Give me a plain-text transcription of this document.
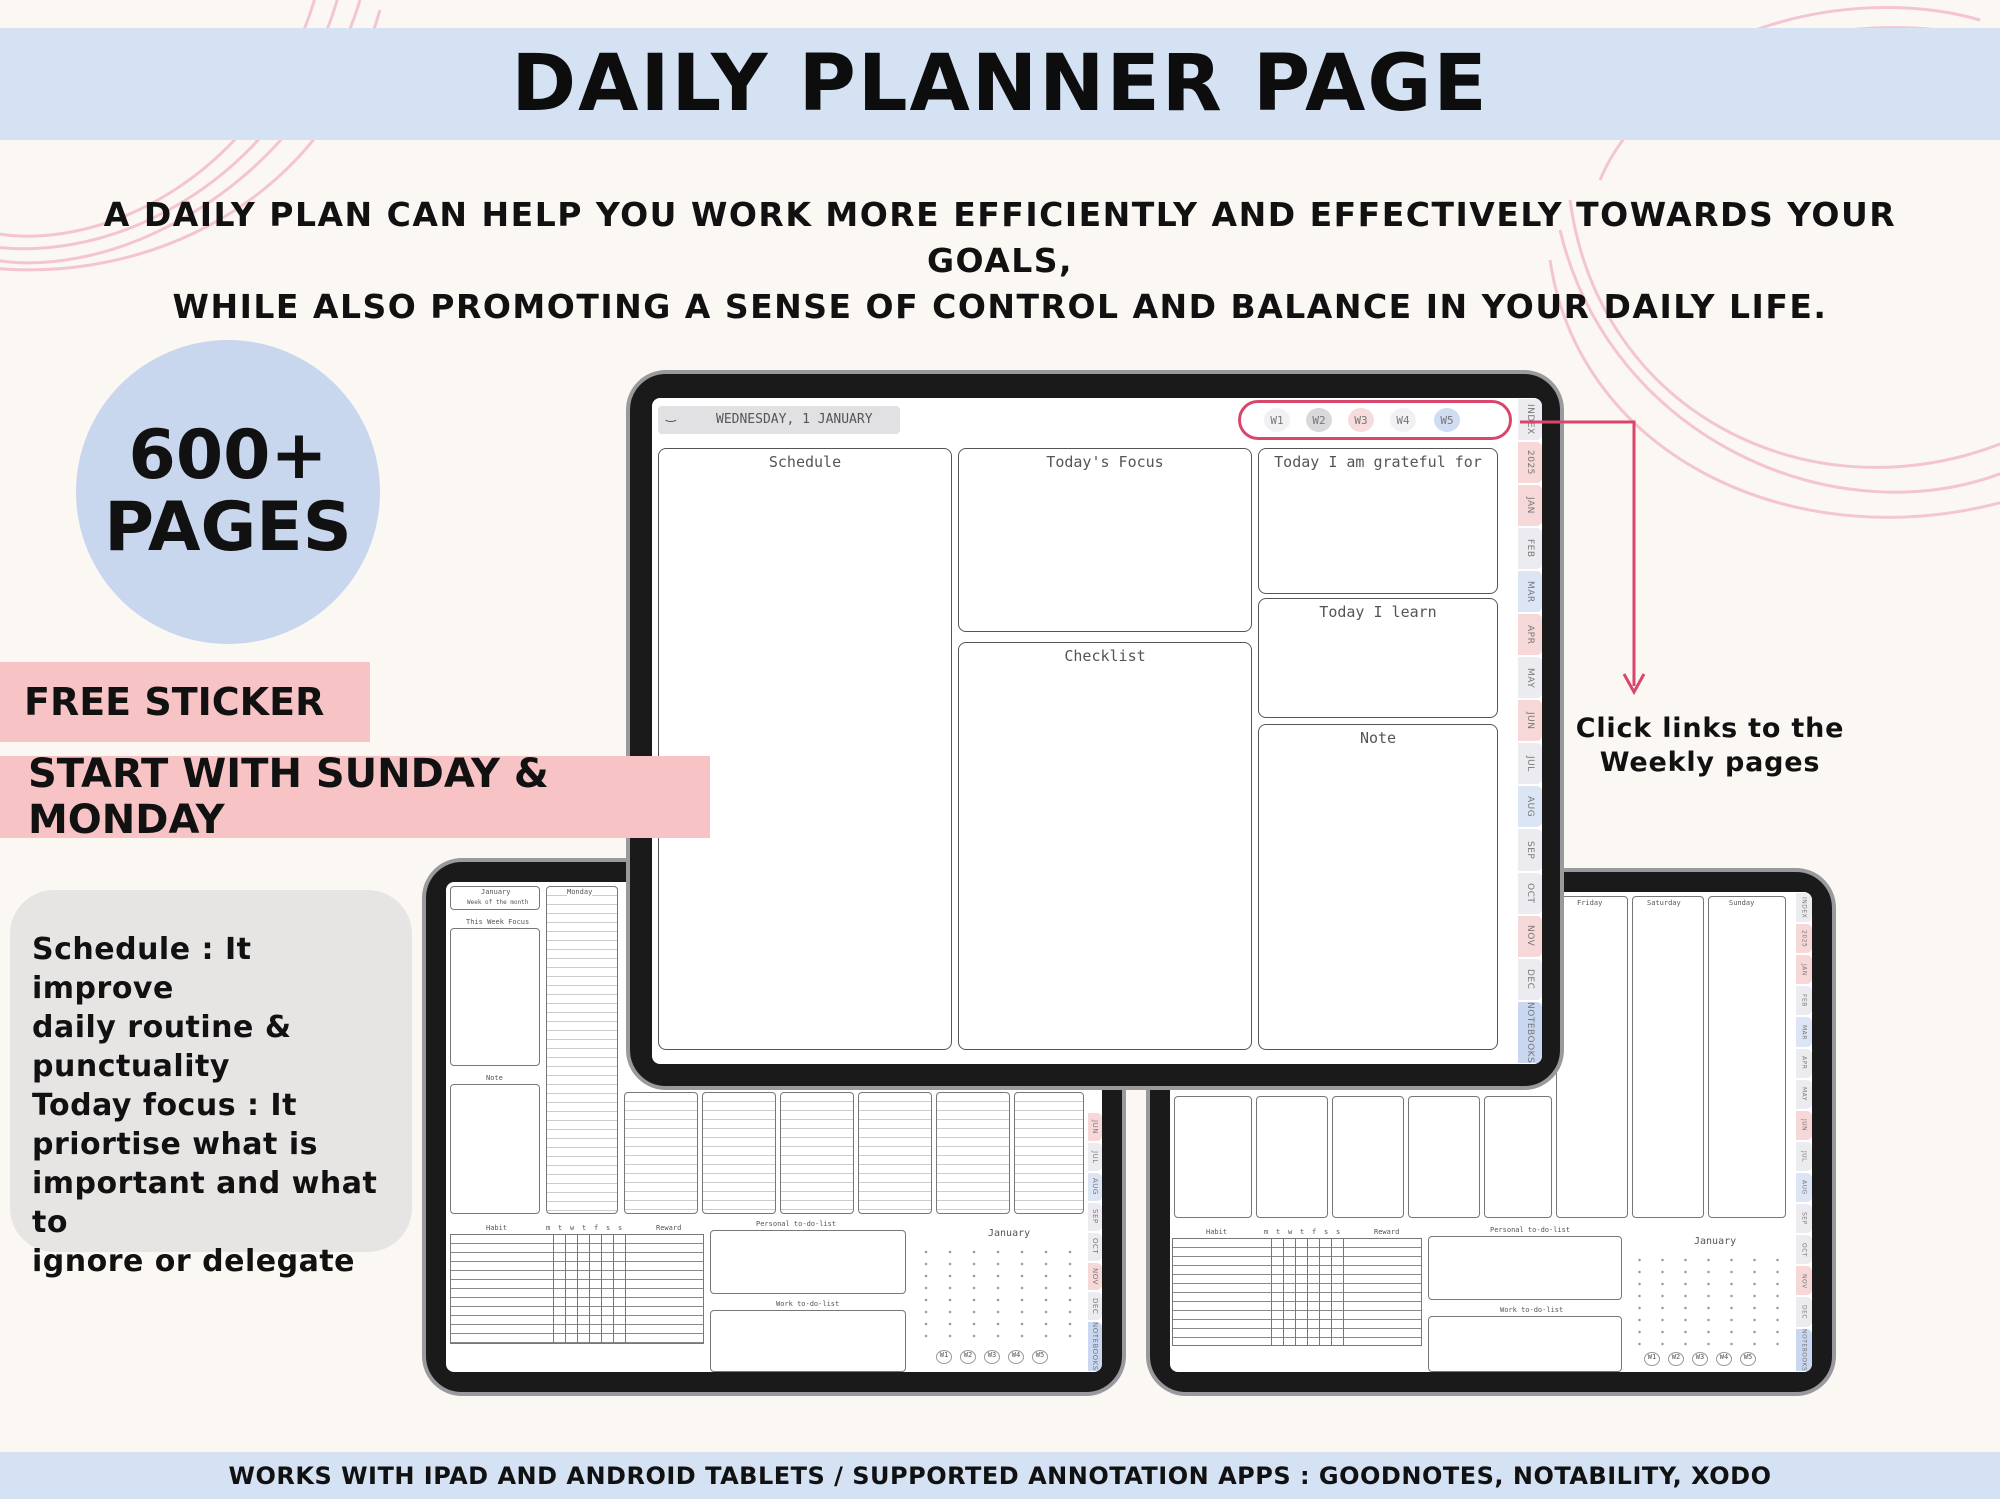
DAILY PLANNER PAGE
A DAILY PLAN CAN HELP YOU WORK MORE EFFICIENTLY AND EFFECTIVELY TOWARDS YOUR GOALS,
WHILE ALSO PROMOTING A SENSE OF CONTROL AND BALANCE IN YOUR DAILY LIFE.
600+
PAGES
FREE STICKER
START WITH SUNDAY & MONDAY
Schedule : It improve
daily routine &
punctuality
Today focus : It
priortise what is
important and what to
ignore or delegate
January
Week of the month
This Week Focus
Note
Monday
Habit	m t w t f s s	Reward	Personal to-do-list
Work to-do-list
January
W1	W2	W3	W4	W5
JUN
JUL
AUG
SEP
OCT
NOV
DEC
NOTEBOOKS
Friday	Saturday	Sunday
Habit	m t w t f s s	Reward	Personal to-do-list
Work to-do-list
January
W1	W2	W3	W4	W5
INDEX
2025
JAN
FEB
MAR
APR
MAY
JUN
JUL
AUG
SEP
OCT
NOV
DEC
NOTEBOOKS
WEDNESDAY, 1 JANUARY
‿	W1	W2	W3	W4	W5
Schedule	Today's Focus
Checklist
Today I am grateful for
Today I learn
Note
INDEX
2025
JAN
FEB
MAR
APR
MAY
JUN
JUL
AUG
SEP
OCT
NOV
DEC
NOTEBOOKS
Click links to the
Weekly pages
WORKS WITH IPAD AND ANDROID TABLETS / SUPPORTED ANNOTATION APPS : GOODNOTES, NOTABILITY, XODO
